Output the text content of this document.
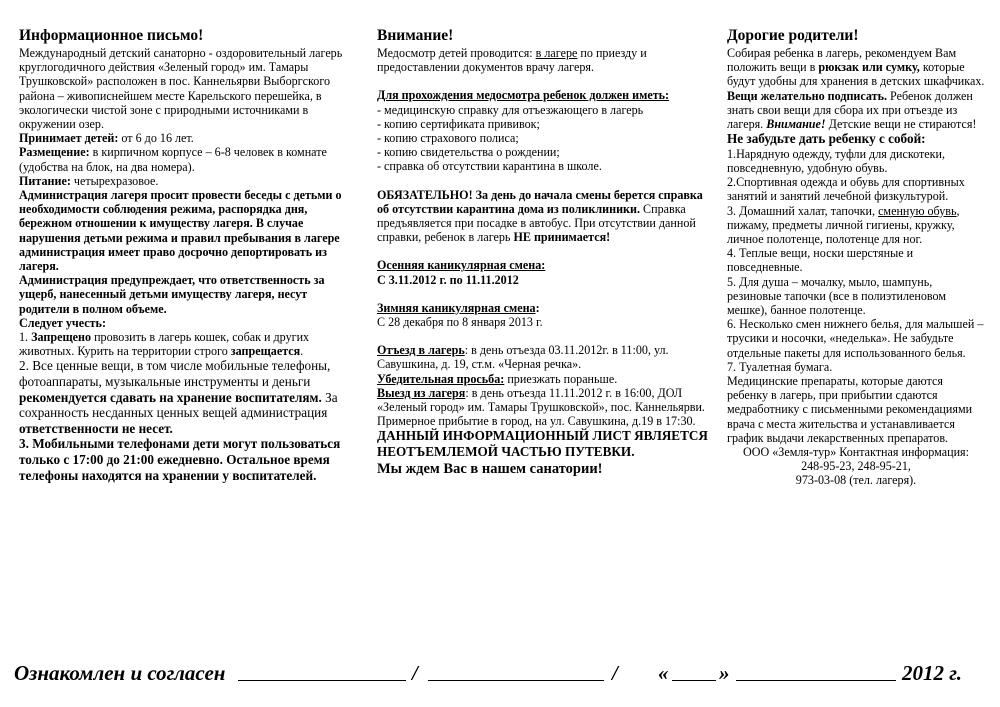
Информационное письмо!

Международный детский санаторно - оздоровительный лагерь круглогодичного действия «Зеленый город» им. Тамары Трушковской» расположен в пос. Каннельярви Выборгского района – живописнейшем месте Карельского перешейка, в экологически чистой зоне с природными источниками в окружении озер.

Принимает детей: от 6 до 16 лет.

Размещение: в кирпичном корпусе – 6-8 человек в комнате (удобства на блок, на два номера).

Питание: четырехразовое.

Администрация лагеря просит провести беседы с детьми о необходимости соблюдения режима, распорядка дня, бережном отношении к имуществу лагеря. В случае нарушения детьми режима и правил пребывания в лагере администрация имеет право досрочно депортировать из лагеря.

Администрация предупреждает, что ответственность за ущерб, нанесенный детьми имуществу лагеря, несут родители в полном объеме.

Следует учесть:

1. Запрещено провозить в лагерь кошек, собак и других животных. Курить на территории строго запрещается.

2. Все ценные вещи, в том числе мобильные телефоны, фотоаппараты, музыкальные инструменты и деньги рекомендуется сдавать на хранение воспитателям. За сохранность несданных ценных вещей администрация ответственности не несет.

3. Мобильными телефонами дети могут пользоваться только с 17:00 до 21:00 ежедневно. Остальное время телефоны находятся на хранении у воспитателей.

Внимание!

Медосмотр детей проводится: в лагере по приезду и предоставлении документов врачу лагеря.

Для прохождения медосмотра ребенок должен иметь:

- медицинскую справку для отъезжающего в лагерь

- копию сертификата прививок;

- копию страхового полиса;

- копию свидетельства о рождении;

- справка об отсутствии карантина в школе.

ОБЯЗАТЕЛЬНО! За день до начала смены берется справка об отсутствии карантина дома из поликлиники. Справка предъявляется при посадке в автобус. При отсутствии данной справки, ребенок в лагерь НЕ принимается!

Осенняя каникулярная смена:

С 3.11.2012 г. по 11.11.2012

Зимняя каникулярная смена:

С 28 декабря по 8 января 2013 г.

Отъезд в лагерь: в день отъезда 03.11.2012г. в 11:00, ул. Савушкина, д. 19, ст.м. «Черная речка».

Убедительная просьба: приезжать пораньше.

Выезд из лагеря: в день отъезда 11.11.2012 г. в 16:00, ДОЛ «Зеленый город» им. Тамары Трушковской», пос. Каннельярви. Примерное прибытие в город, на ул. Савушкина, д.19 в 17:30.

ДАННЫЙ ИНФОРМАЦИОННЫЙ ЛИСТ ЯВЛЯЕТСЯ НЕОТЪЕМЛЕМОЙ ЧАСТЬЮ ПУТЕВКИ.

Мы ждем Вас в нашем санатории!

Дорогие родители!

Собирая ребенка в лагерь, рекомендуем Вам положить вещи в рюкзак или сумку, которые будут удобны для хранения в детских шкафчиках. Вещи желательно подписать. Ребенок должен знать свои вещи для сбора их при отъезде из лагеря. Внимание! Детские вещи не стираются!

Не забудьте дать ребенку с собой:

1.Нарядную одежду, туфли для дискотеки, повседневную, удобную обувь.

2.Спортивная одежда и обувь для спортивных занятий и занятий лечебной физкультурой.

3. Домашний халат, тапочки, сменную обувь, пижаму, предметы личной гигиены, кружку, личное полотенце, полотенце для ног.

4. Теплые вещи, носки шерстяные и повседневные.

5. Для душа – мочалку, мыло, шампунь, резиновые тапочки (все в полиэтиленовом мешке), банное полотенце.

6. Несколько смен нижнего белья, для малышей – трусики и носочки, «неделька». Не забудьте отдельные пакеты для использованного белья.

7. Туалетная бумага.

Медицинские препараты, которые даются ребенку в лагерь, при прибытии сдаются медработнику с письменными рекомендациями врача с места жительства и устанавливается график выдачи лекарственных препаратов.

ООО «Земля-тур» Контактная информация:

248-95-23, 248-95-21,

973-03-08 (тел. лагеря).

Ознакомлен и согласен	/	/ « »	2012 г.
